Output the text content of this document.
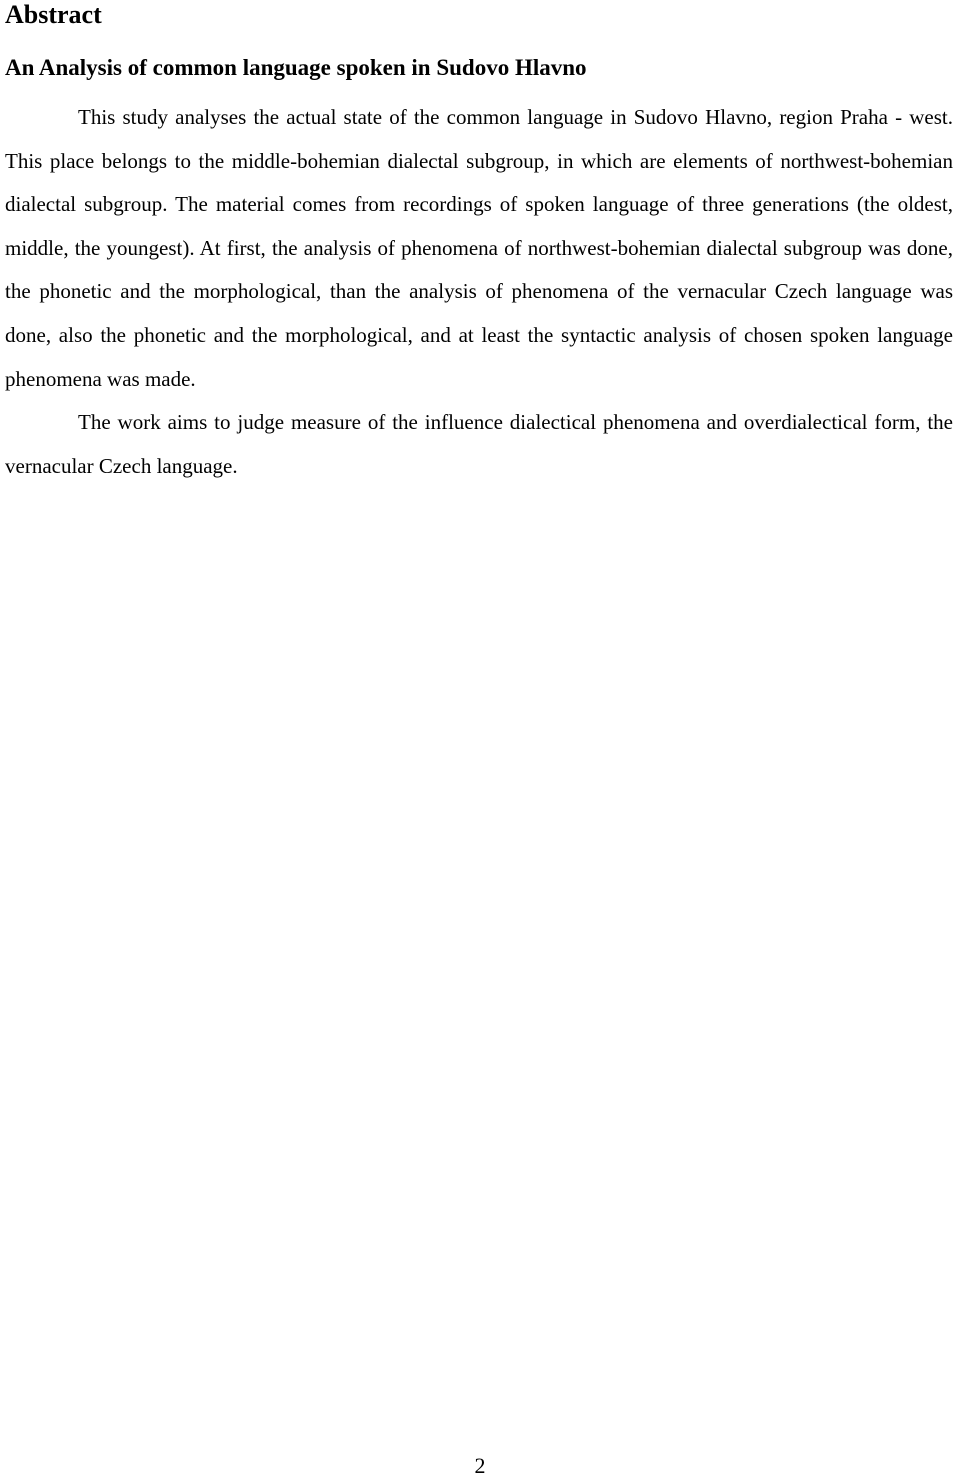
Abstract
An Analysis of common language spoken in Sudovo Hlavno

This study analyses the actual state of the common language in Sudovo Hlavno, region Praha - west. This place belongs to the middle-bohemian dialectal subgroup, in which are elements of northwest-bohemian dialectal subgroup. The material comes from recordings of spoken language of three generations (the oldest, middle, the youngest). At first, the analysis of phenomena of northwest-bohemian dialectal subgroup was done, the phonetic and the morphological, than the analysis of phenomena of the vernacular Czech language was done, also the phonetic and the morphological, and at least the syntactic analysis of chosen spoken language phenomena was made.

The work aims to judge measure of the influence dialectical phenomena and overdialectical form, the vernacular Czech language.

2
